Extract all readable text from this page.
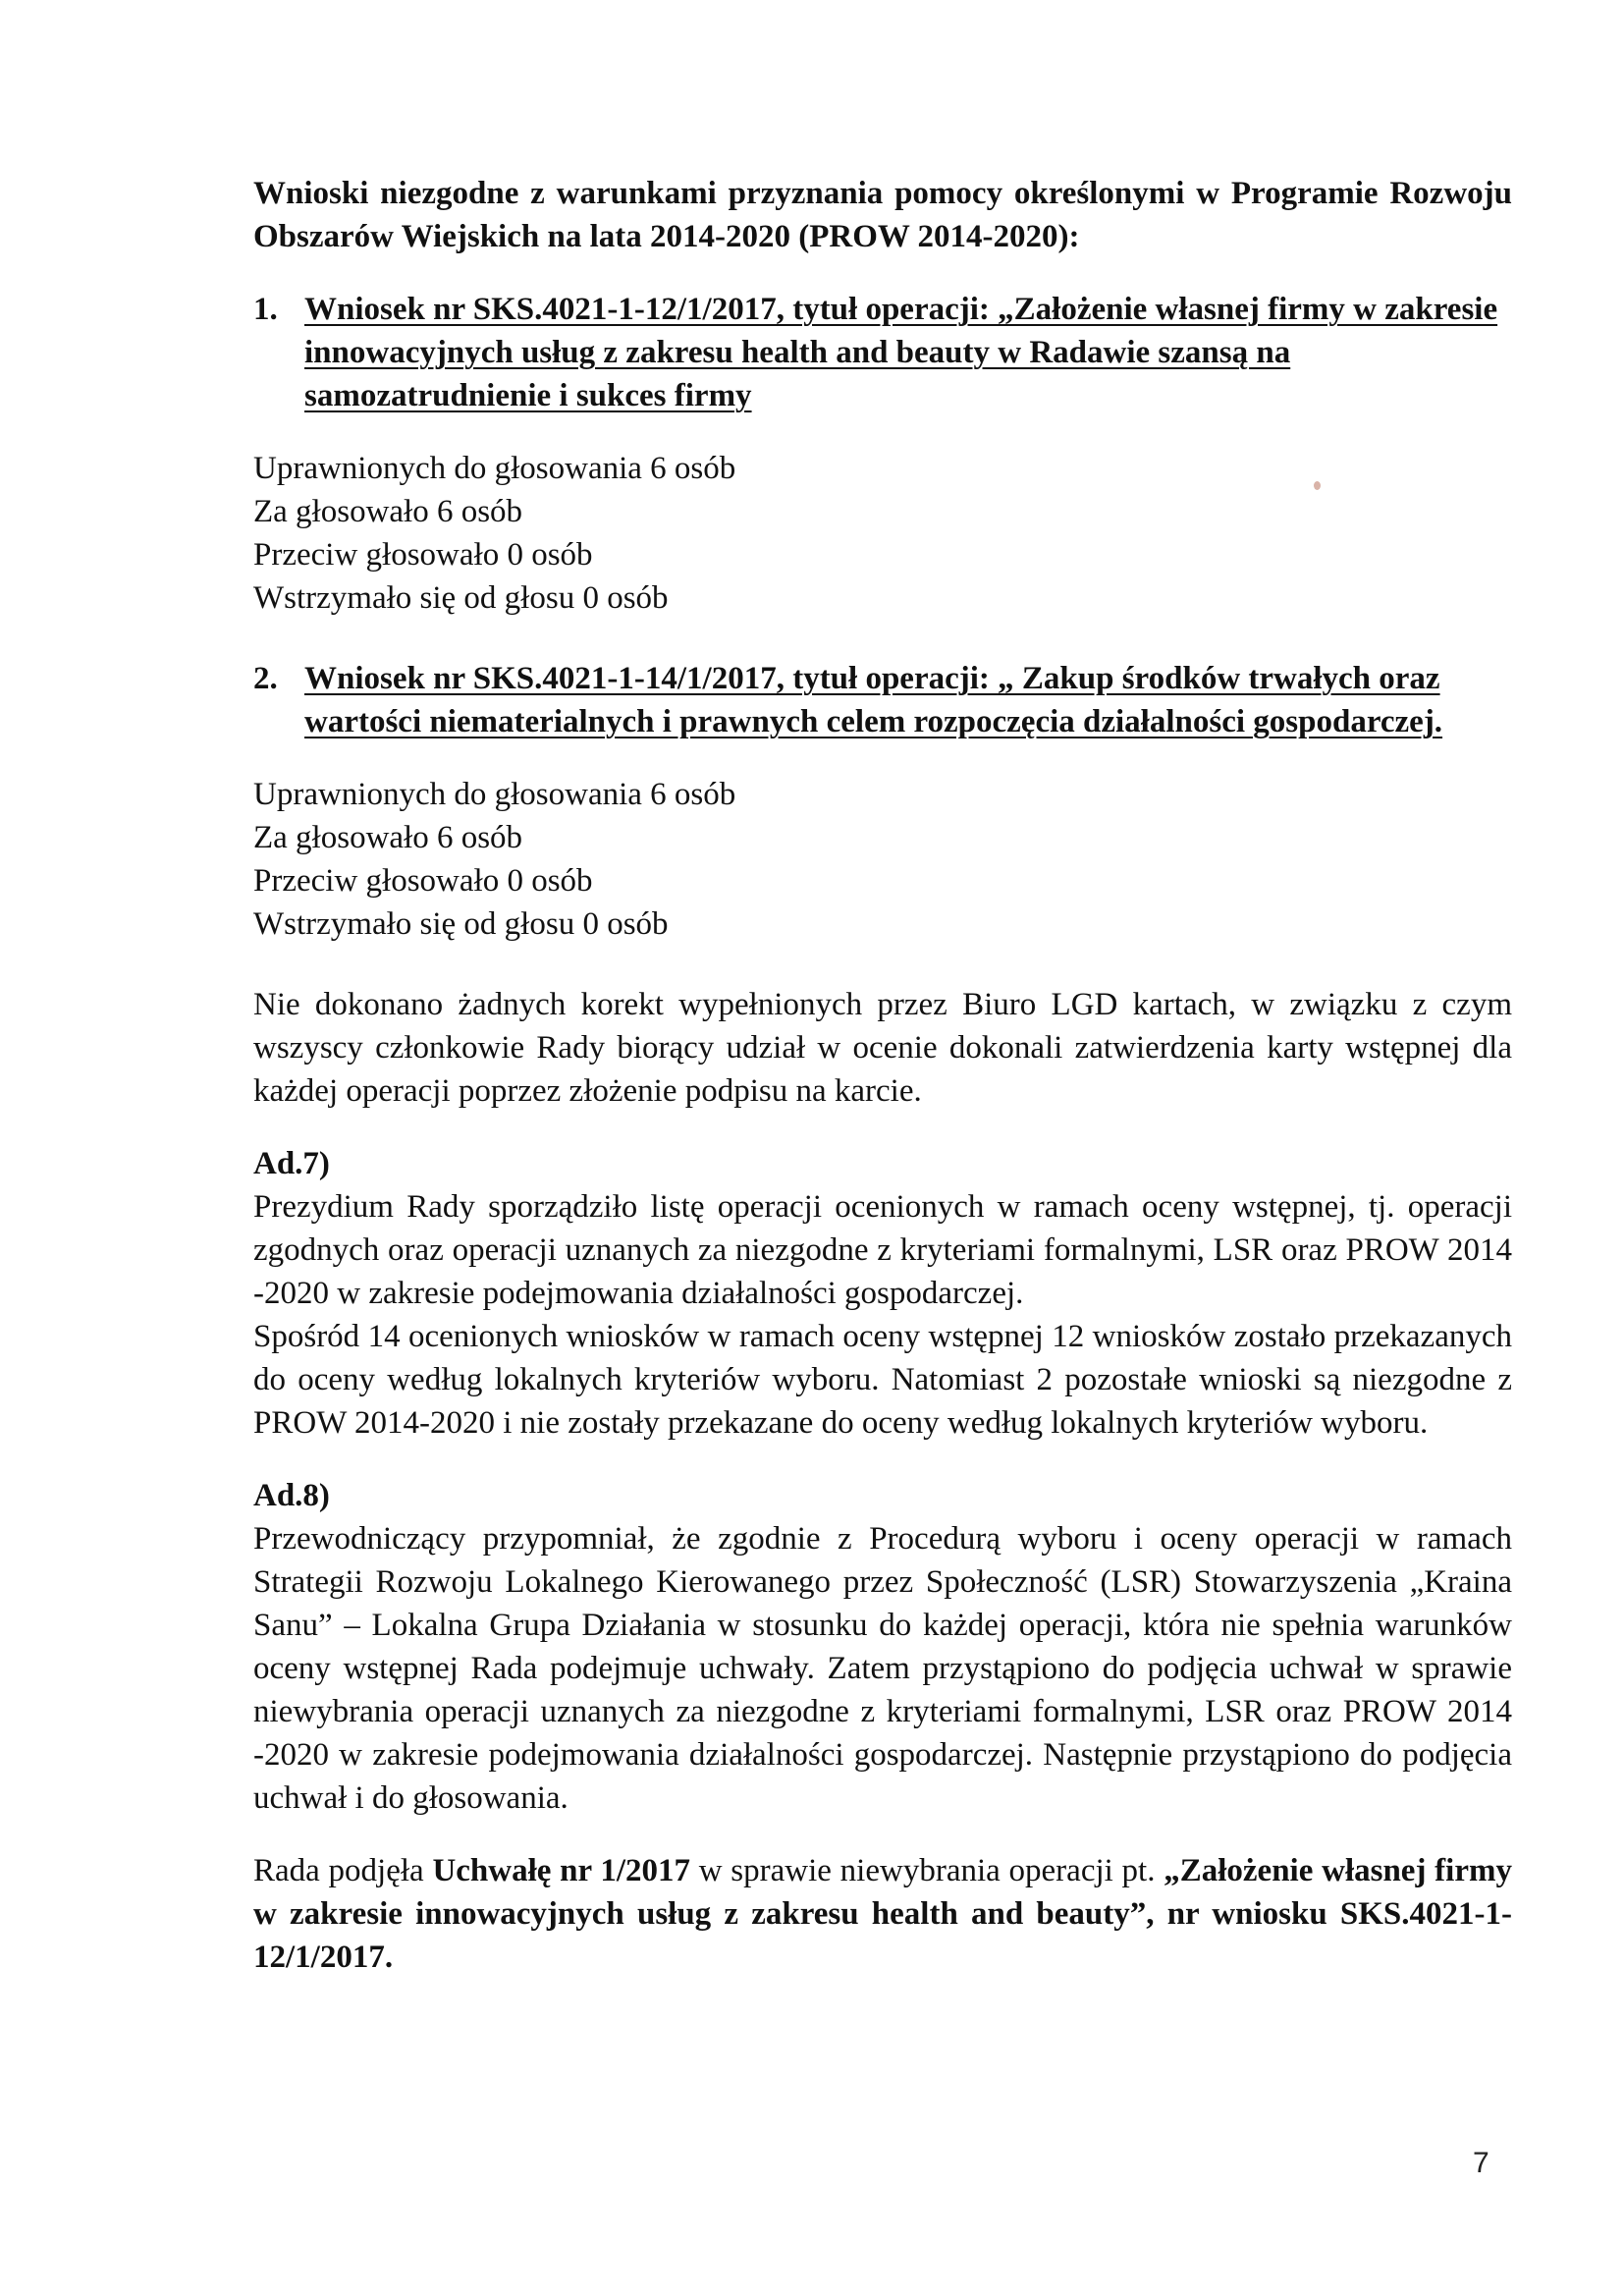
Wnioski niezgodne z warunkami przyznania pomocy określonymi w Programie Rozwoju Obszarów Wiejskich na lata 2014-2020 (PROW 2014-2020):

1. Wniosek nr SKS.4021-1-12/1/2017, tytuł operacji: „Założenie własnej firmy w zakresie innowacyjnych usług z zakresu health and beauty w Radawie szansą na samozatrudnienie i sukces firmy
Uprawnionych do głosowania 6 osób
Za głosowało 6 osób
Przeciw głosowało 0 osób
Wstrzymało się od głosu 0 osób
2. Wniosek nr SKS.4021-1-14/1/2017, tytuł operacji: „ Zakup środków trwałych oraz wartości niematerialnych i prawnych celem rozpoczęcia działalności gospodarczej.
Uprawnionych do głosowania 6 osób
Za głosowało 6 osób
Przeciw głosowało 0 osób
Wstrzymało się od głosu 0 osób

Nie dokonano żadnych korekt wypełnionych przez Biuro LGD kartach, w związku z czym wszyscy członkowie Rady biorący udział w ocenie dokonali zatwierdzenia karty wstępnej dla każdej operacji poprzez złożenie podpisu na karcie.

Ad.7)

Prezydium Rady sporządziło listę operacji ocenionych w ramach oceny wstępnej, tj. operacji zgodnych oraz operacji uznanych za niezgodne z kryteriami formalnymi, LSR oraz PROW 2014 -2020 w zakresie podejmowania działalności gospodarczej.

Spośród 14 ocenionych wniosków w ramach oceny wstępnej 12 wniosków zostało przekazanych do oceny według lokalnych kryteriów wyboru. Natomiast 2 pozostałe wnioski są niezgodne z PROW 2014-2020 i nie zostały przekazane do oceny według lokalnych kryteriów wyboru.

Ad.8)

Przewodniczący przypomniał, że zgodnie z Procedurą wyboru i oceny operacji w ramach Strategii Rozwoju Lokalnego Kierowanego przez Społeczność (LSR) Stowarzyszenia „Kraina Sanu” – Lokalna Grupa Działania w stosunku do każdej operacji, która nie spełnia warunków oceny wstępnej Rada podejmuje uchwały. Zatem przystąpiono do podjęcia uchwał w sprawie niewybrania operacji uznanych za niezgodne z kryteriami formalnymi, LSR oraz PROW 2014 -2020 w zakresie podejmowania działalności gospodarczej. Następnie przystąpiono do podjęcia uchwał i do głosowania.

Rada podjęła Uchwałę nr 1/2017 w sprawie niewybrania operacji pt. „Założenie własnej firmy w zakresie innowacyjnych usług z zakresu health and beauty”, nr wniosku SKS.4021-1-12/1/2017.

7
